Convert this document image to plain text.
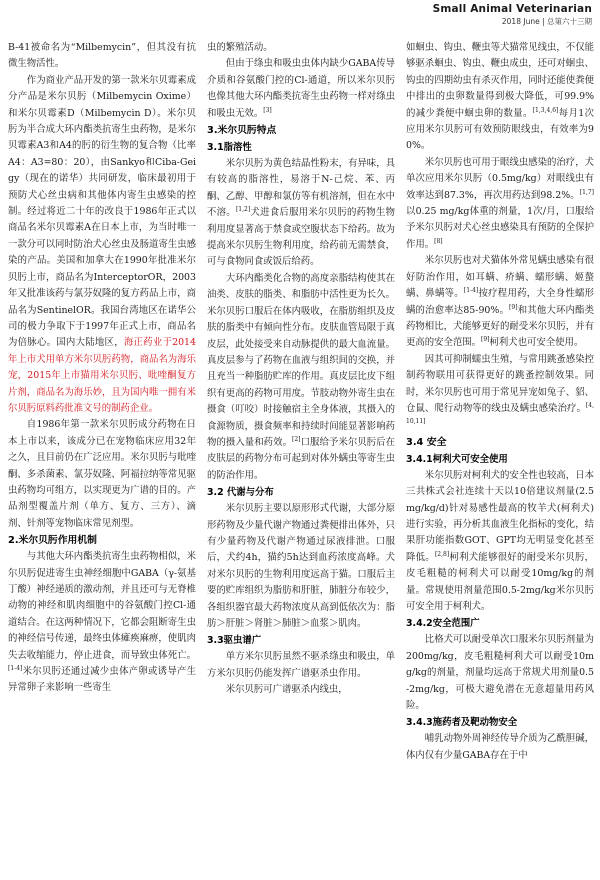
Small Animal Veterinarian
2018 June | 总第六十三期

B-41被命名为“Milbemycin”，但其没有抗微生物活性。

作为商业产品开发的第一款米尔贝霉素成分产品是米尔贝肟（Milbemycin Oxime）和米尔贝霉素D（Milbemycin D）。米尔贝肟为半合成大环内酯类抗寄生虫药物，是米尔贝霉素A3和A4的肟的衍生物的复合物（比率A4：A3=80：20），由Sankyo和Ciba-Geigy（现在的诺华）共同研发，临床最初用于预防犬心丝虫病和其他体内寄生虫感染的控制。经过将近二十年的改良于1986年正式以商品名米尔贝霉素A在日本上市，为当时唯一一款分可以同时防治犬心丝虫及肠道寄生虫感染的产品。美国和加拿大在1990年批准米尔贝肟上市，商品名为InterceptorOR，2003年又批准该药与氯芬奴隆的复方药品上市，商品名为SentinelOR。我国台湾地区在诺华公司的极力争取下于1997年正式上市，商品名为倍脉心。国内大陆地区，海正药业于2014年上市犬用单方米尔贝肟药物，商品名为海乐宠，2015年上市猫用米尔贝肟、吡喹酮复方片剂，商品名为海乐妙，且为国内唯一拥有米尔贝肟原料药批准文号的制药企业。

自1986年第一款米尔贝肟成分药物在日本上市以来，该成分已在宠物临床应用32年之久，且目前仍在广泛应用。米尔贝肟与吡喹酮、多杀菌素、氯芬奴隆、阿福拉纳等常见驱虫药物均可组方，以实现更为广谱的目的。产品剂型覆盖片剂（单方、复方、三方）、滴剂、针剂等宠物临床常见剂型。

2.米尔贝肟作用机制

与其他大环内酯类抗寄生虫药物相似，米尔贝肟促进寄生虫神经细胞中GABA（γ-氨基丁酸）神经递质的激动剂，并且还可与无脊椎动物的神经和肌肉细胞中的谷氨酸门控Cl-通道结合。在这两种情况下，它都会阻断寄生虫的神经信号传递，最终虫体瘫痪麻痹，使肌肉失去收缩能力，停止进食，而导致虫体死亡。[1-4]米尔贝肟还通过减少虫体产卵或诱导产生异常卵子来影响一些寄生

虫的繁殖活动。

但由于绦虫和吸虫虫体内缺少GABA传导介质和谷氨酸门控的Cl-通道，所以米尔贝肟也像其他大环内酯类抗寄生虫药物一样对绦虫和吸虫无效。[3]

3.米尔贝肟特点
3.1脂溶性

米尔贝肟为黄色结晶性粉末，有异味，具有较高的脂溶性，易溶于N-己烷、苯、丙酮、乙醇、甲醇和氯仿等有机溶剂，但在水中不溶。[1,2]犬进食后服用米尔贝肟的药物生物利用度显著高于禁食或空腹状态下给药。故为提高米尔贝肟生物利用度，给药前无需禁食，可与食物同食或饭后给药。

大环内酯类化合物的高度亲脂结构使其在油类、皮肤的脂类、和脂肪中活性更为长久。米尔贝肟口服后在体内吸收，在脂肪组织及皮肤的脂类中有倾向性分布。皮肤血管局限于真皮层，此处接受来自动脉提供的最大血流量。真皮层参与了药物在血液与组织间的交换，并且充当一种脂肪贮库的作用。真皮层比皮下组织有更高的药物可用度。节肢动物外寄生虫在摄食（叮咬）时接触宿主全身体液，其摄入的食源物质，摄食频率和持续时间能显著影响药物的摄入量和药效。[2]口服给予米尔贝肟后在皮肤层的药物分布可起到对体外螨虫等寄生虫的防治作用。

3.2 代谢与分布

米尔贝肟主要以原形形式代谢，大部分原形药物及少量代谢产物通过粪便排出体外，只有少量药物及代谢产物通过尿液排泄。口服后，犬约4h，猫约5h达到血药浓度高峰。犬对米尔贝肟的生物利用度远高于猫。口服后主要的贮库组织为脂肪和肝脏，肺脏分布较少，各组织器官最大药物浓度从高到低依次为：脂肪＞肝脏＞肾脏＞肺脏＞血浆＞肌肉。

3.3驱虫谱广

单方米尔贝肟虽然不驱杀绦虫和吸虫，单方米尔贝肟仍能发挥广谱驱杀虫作用。

米尔贝肟可广谱驱杀内线虫，

如蛔虫、钩虫、鞭虫等犬猫常见线虫，不仅能够驱杀蛔虫、钩虫、鞭虫成虫，还可对蛔虫、钩虫的四期幼虫有杀灭作用，同时还能使粪便中排出的虫卵数量得到极大降低，可99.9%的减少粪便中蛔虫卵的数量。[1,3,4,6]每月1次应用米尔贝肟可有效预防眼线虫，有效率为90%。

米尔贝肟也可用于眼线虫感染的治疗，犬单次应用米尔贝肟（0.5mg/kg）对眼线虫有效率达到87.3%，再次用药达到98.2%。[1,7]以0.25 mg/kg体重的剂量，1次/月，口服给予米尔贝肟对犬心丝虫感染具有预防的全保护作用。[8]

米尔贝肟也对犬猫体外常见螨虫感染有很好防治作用，如耳螨、疥螨、蠕形螨、姬螯螨、鼻螨等。[1-4]按疗程用药，大全身性蠕形螨的治愈率达85-90%。[9]和其他大环内酯类药物相比，犬能够更好的耐受米尔贝肟，并有更高的安全范围。[9]柯利犬也可安全使用。

因其可抑制蠕虫生殖，与常用跳蚤感染控制药物联用可获得更好的跳蚤控制效果。同时，米尔贝肟也可用于常见异宠如兔子、貂、仓鼠、爬行动物等的线虫及螨虫感染治疗。[4,10,11]

3.4 安全
3.4.1柯利犬可安全使用

米尔贝肟对柯利犬的安全性也较高，日本三共株式会社连续十天以10倍建议剂量(2.5 mg/kg/d)针对易感性最高的牧羊犬(柯利犬)进行实验，再分析其血液生化指标的变化，结果肝功能指数GOT、GPT均无明显变化甚至降低。[2,8]柯利犬能够很好的耐受米尔贝肟，皮毛粗糙的柯利犬可以耐受10mg/kg的剂量。常规使用剂量范围0.5-2mg/kg米尔贝肟可安全用于柯利犬。

3.4.2安全范围广

比格犬可以耐受单次口服米尔贝肟剂量为200mg/kg，皮毛粗糙柯利犬可以耐受10mg/kg的剂量，剂量均远高于常规犬用剂量0.5-2mg/kg，可极大避免潜在无意超量用药风险。

3.4.3施药者及靶动物安全

哺乳动物外周神经传导介质为乙酰胆碱，体内仅有少量GABA存在于中
